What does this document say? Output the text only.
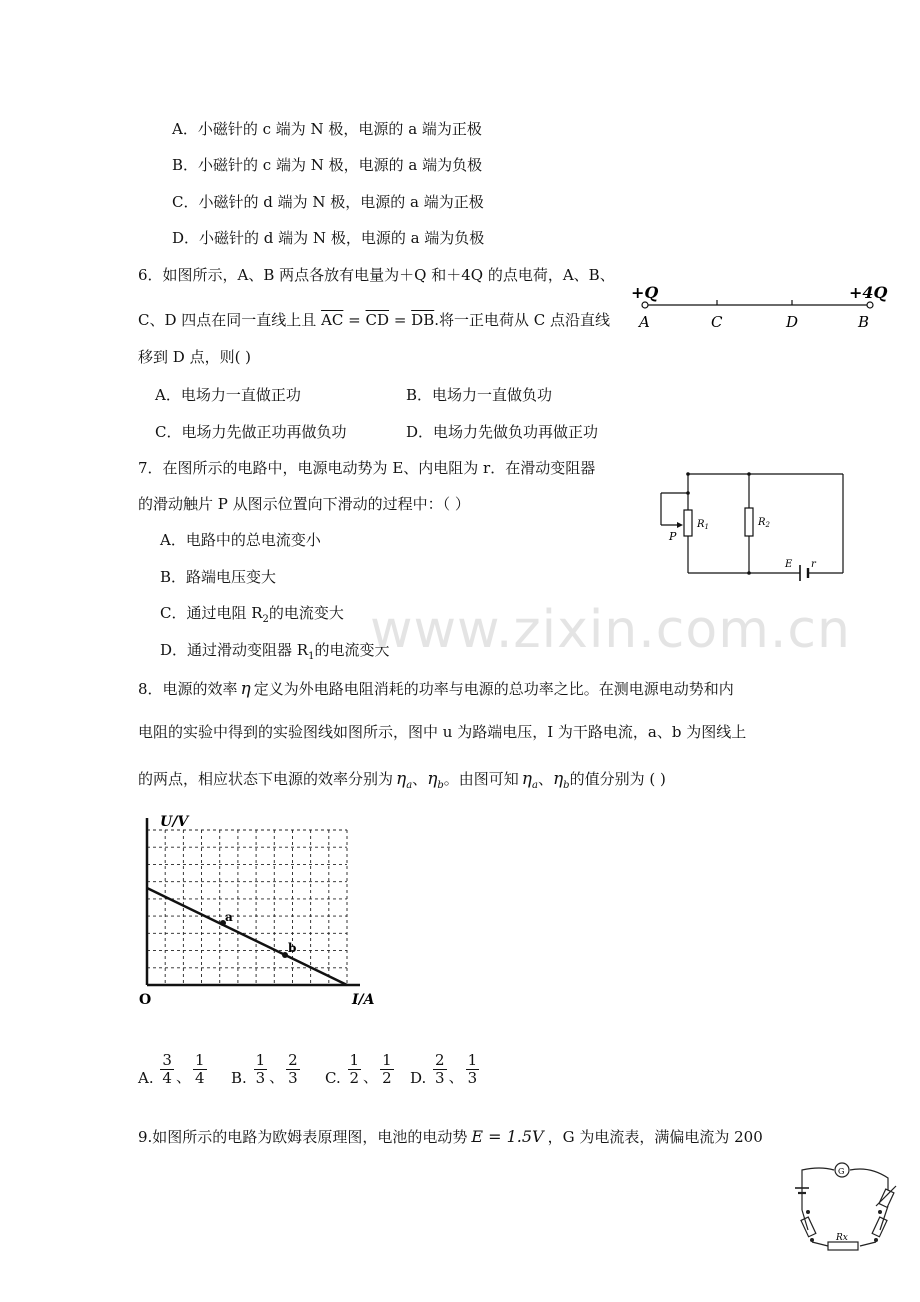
A．小磁针的 c 端为 N 极，电源的 a 端为正极
B．小磁针的 c 端为 N 极，电源的 a 端为负极
C．小磁针的 d 端为 N 极，电源的 a 端为正极
D．小磁针的 d 端为 N 极，电源的 a 端为负极
6．如图所示，A、B 两点各放有电量为＋Q 和＋4Q 的点电荷，A、B、
C、D 四点在同一直线上且 $\overline{AC} = \overline{CD} = \overline{DB}$.将一正电荷从 C 点沿直线
移到 D 点，则( )
A．电场力一直做正功	B．电场力一直做负功
C．电场力先做正功再做负功	D．电场力先做负功再做正功
+Q	+4Q
A	C	D	B
7．在图所示的电路中，电源电动势为 E、内电阻为 r．在滑动变阻器
的滑动触片 P 从图示位置向下滑动的过程中：（ ）
A．电路中的总电流变小
B．路端电压变大
C．通过电阻 $R_2$的电流变大
D．通过滑动变阻器 $R_1$的电流变大
P
$R_1$	$R_2$
E r
www.zixin.com.cn
8．电源的效率 η 定义为外电路电阻消耗的功率与电源的总功率之比。在测电源电动势和内
电阻的实验中得到的实验图线如图所示，图中 u 为路端电压，I 为干路电流，a、b 为图线上
的两点，相应状态下电源的效率分别为 $\eta_a$、$\eta_b$。由图可知 $\eta_a$、$\eta_b$的值分别为 ( )
U/V
I/A
O
a
b
A. $\frac{3}{4}$ 、 $\frac{1}{4} B$. $\frac{1}{3}$ 、 $\frac{2}{3} C$. $\frac{1}{2}$ 、 $\frac{1}{2} D$. $\frac{2}{3}$ 、 $\frac{1}{3}$
9.如图所示的电路为欧姆表原理图，电池的电动势 E = 1.5V ，G 为电流表，满偏电流为 200
G
Rx
